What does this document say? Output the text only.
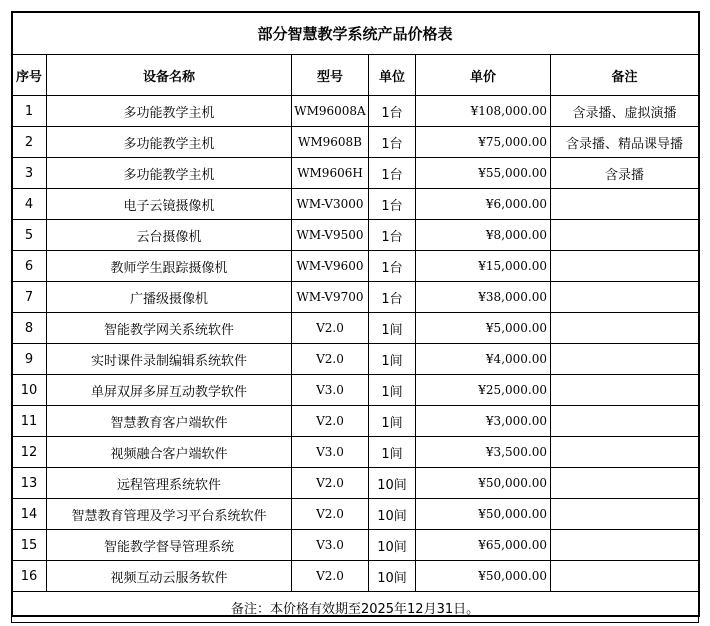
部分智慧教学系统产品价格表					
序号	设备名称	型号	单位	单价	备注
1	多功能教学主机	WM96008A	1台	¥108,000.00	含录播、虚拟演播
2	多功能教学主机	WM9608B	1台	¥75,000.00	含录播、精品课导播
3	多功能教学主机	WM9606H	1台	¥55,000.00	含录播
4	电子云镜摄像机	WM-V3000	1台	¥6,000.00	
5	云台摄像机	WM-V9500	1台	¥8,000.00	
6	教师学生跟踪摄像机	WM-V9600	1台	¥15,000.00	
7	广播级摄像机	WM-V9700	1台	¥38,000.00	
8	智能教学网关系统软件	V2.0	1间	¥5,000.00	
9	实时课件录制编辑系统软件	V2.0	1间	¥4,000.00	
10	单屏双屏多屏互动教学软件	V3.0	1间	¥25,000.00	
11	智慧教育客户端软件	V2.0	1间	¥3,000.00	
12	视频融合客户端软件	V3.0	1间	¥3,500.00	
13	远程管理系统软件	V2.0	10间	¥50,000.00	
14	智慧教育管理及学习平台系统软件	V2.0	10间	¥50,000.00	
15	智能教学督导管理系统	V3.0	10间	¥65,000.00	
16	视频互动云服务软件	V2.0	10间	¥50,000.00	
备注：本价格有效期至2025年12月31日。					
